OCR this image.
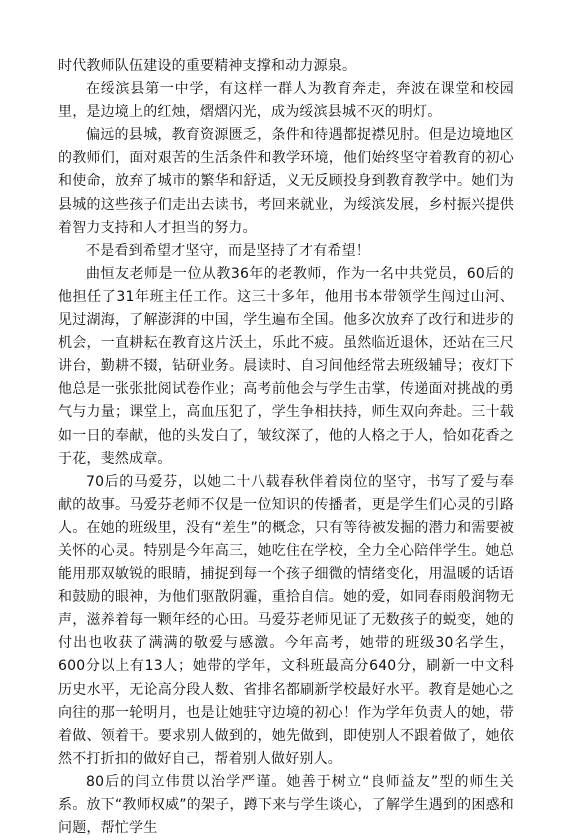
时代教师队伍建设的重要精神支撑和动力源泉。

在绥滨县第一中学，有这样一群人为教育奔走，奔波在课堂和校园里，是边境上的红烛，熠熠闪光，成为绥滨县城不灭的明灯。

偏远的县城，教育资源匮乏，条件和待遇都捉襟见肘。但是边境地区的教师们，面对艰苦的生活条件和教学环境，他们始终坚守着教育的初心和使命，放弃了城市的繁华和舒适，义无反顾投身到教育教学中。她们为县城的这些孩子们走出去读书，考回来就业，为绥滨发展，乡村振兴提供着智力支持和人才担当的努力。

不是看到希望才坚守，而是坚持了才有希望！

曲恒友老师是一位从教36年的老教师，作为一名中共党员，60后的他担任了31年班主任工作。这三十多年，他用书本带领学生闯过山河、见过湖海，了解澎湃的中国，学生遍布全国。他多次放弃了改行和进步的机会，一直耕耘在教育这片沃土，乐此不疲。虽然临近退休，还站在三尺讲台，勤耕不辍，钻研业务。晨读时、自习间他经常去班级辅导；夜灯下他总是一张张批阅试卷作业；高考前他会与学生击掌，传递面对挑战的勇气与力量；课堂上，高血压犯了，学生争相扶持，师生双向奔赴。三十载如一日的奉献，他的头发白了，皱纹深了，他的人格之于人，恰如花香之于花，斐然成章。

70后的马爱芬，以她二十八载春秋伴着岗位的坚守，书写了爱与奉献的故事。马爱芬老师不仅是一位知识的传播者，更是学生们心灵的引路人。在她的班级里，没有“差生”的概念，只有等待被发掘的潜力和需要被关怀的心灵。特别是今年高三，她吃住在学校，全力全心陪伴学生。她总能用那双敏锐的眼睛，捕捉到每一个孩子细微的情绪变化，用温暖的话语和鼓励的眼神，为他们驱散阴霾，重拾自信。她的爱，如同春雨般润物无声，滋养着每一颗年经的心田。马爱芬老师见证了无数孩子的蜕变，她的付出也收获了满满的敬爱与感激。今年高考，她带的班级30名学生，600分以上有13人；她带的学年，文科班最高分640分，刷新一中文科历史水平，无论高分段人数、省排名都刷新学校最好水平。教育是她心之向往的那一轮明月，也是让她驻守边境的初心！作为学年负责人的她，带着做、领着干。要求别人做到的，她先做到，即使别人不跟着做了，她依然不打折扣的做好自己，帮着别人做好别人。

80后的闫立伟贯以治学严谨。她善于树立“良师益友”型的师生关系。放下“教师权威”的架子，蹲下来与学生谈心，了解学生遇到的困惑和问题，帮忙学生
